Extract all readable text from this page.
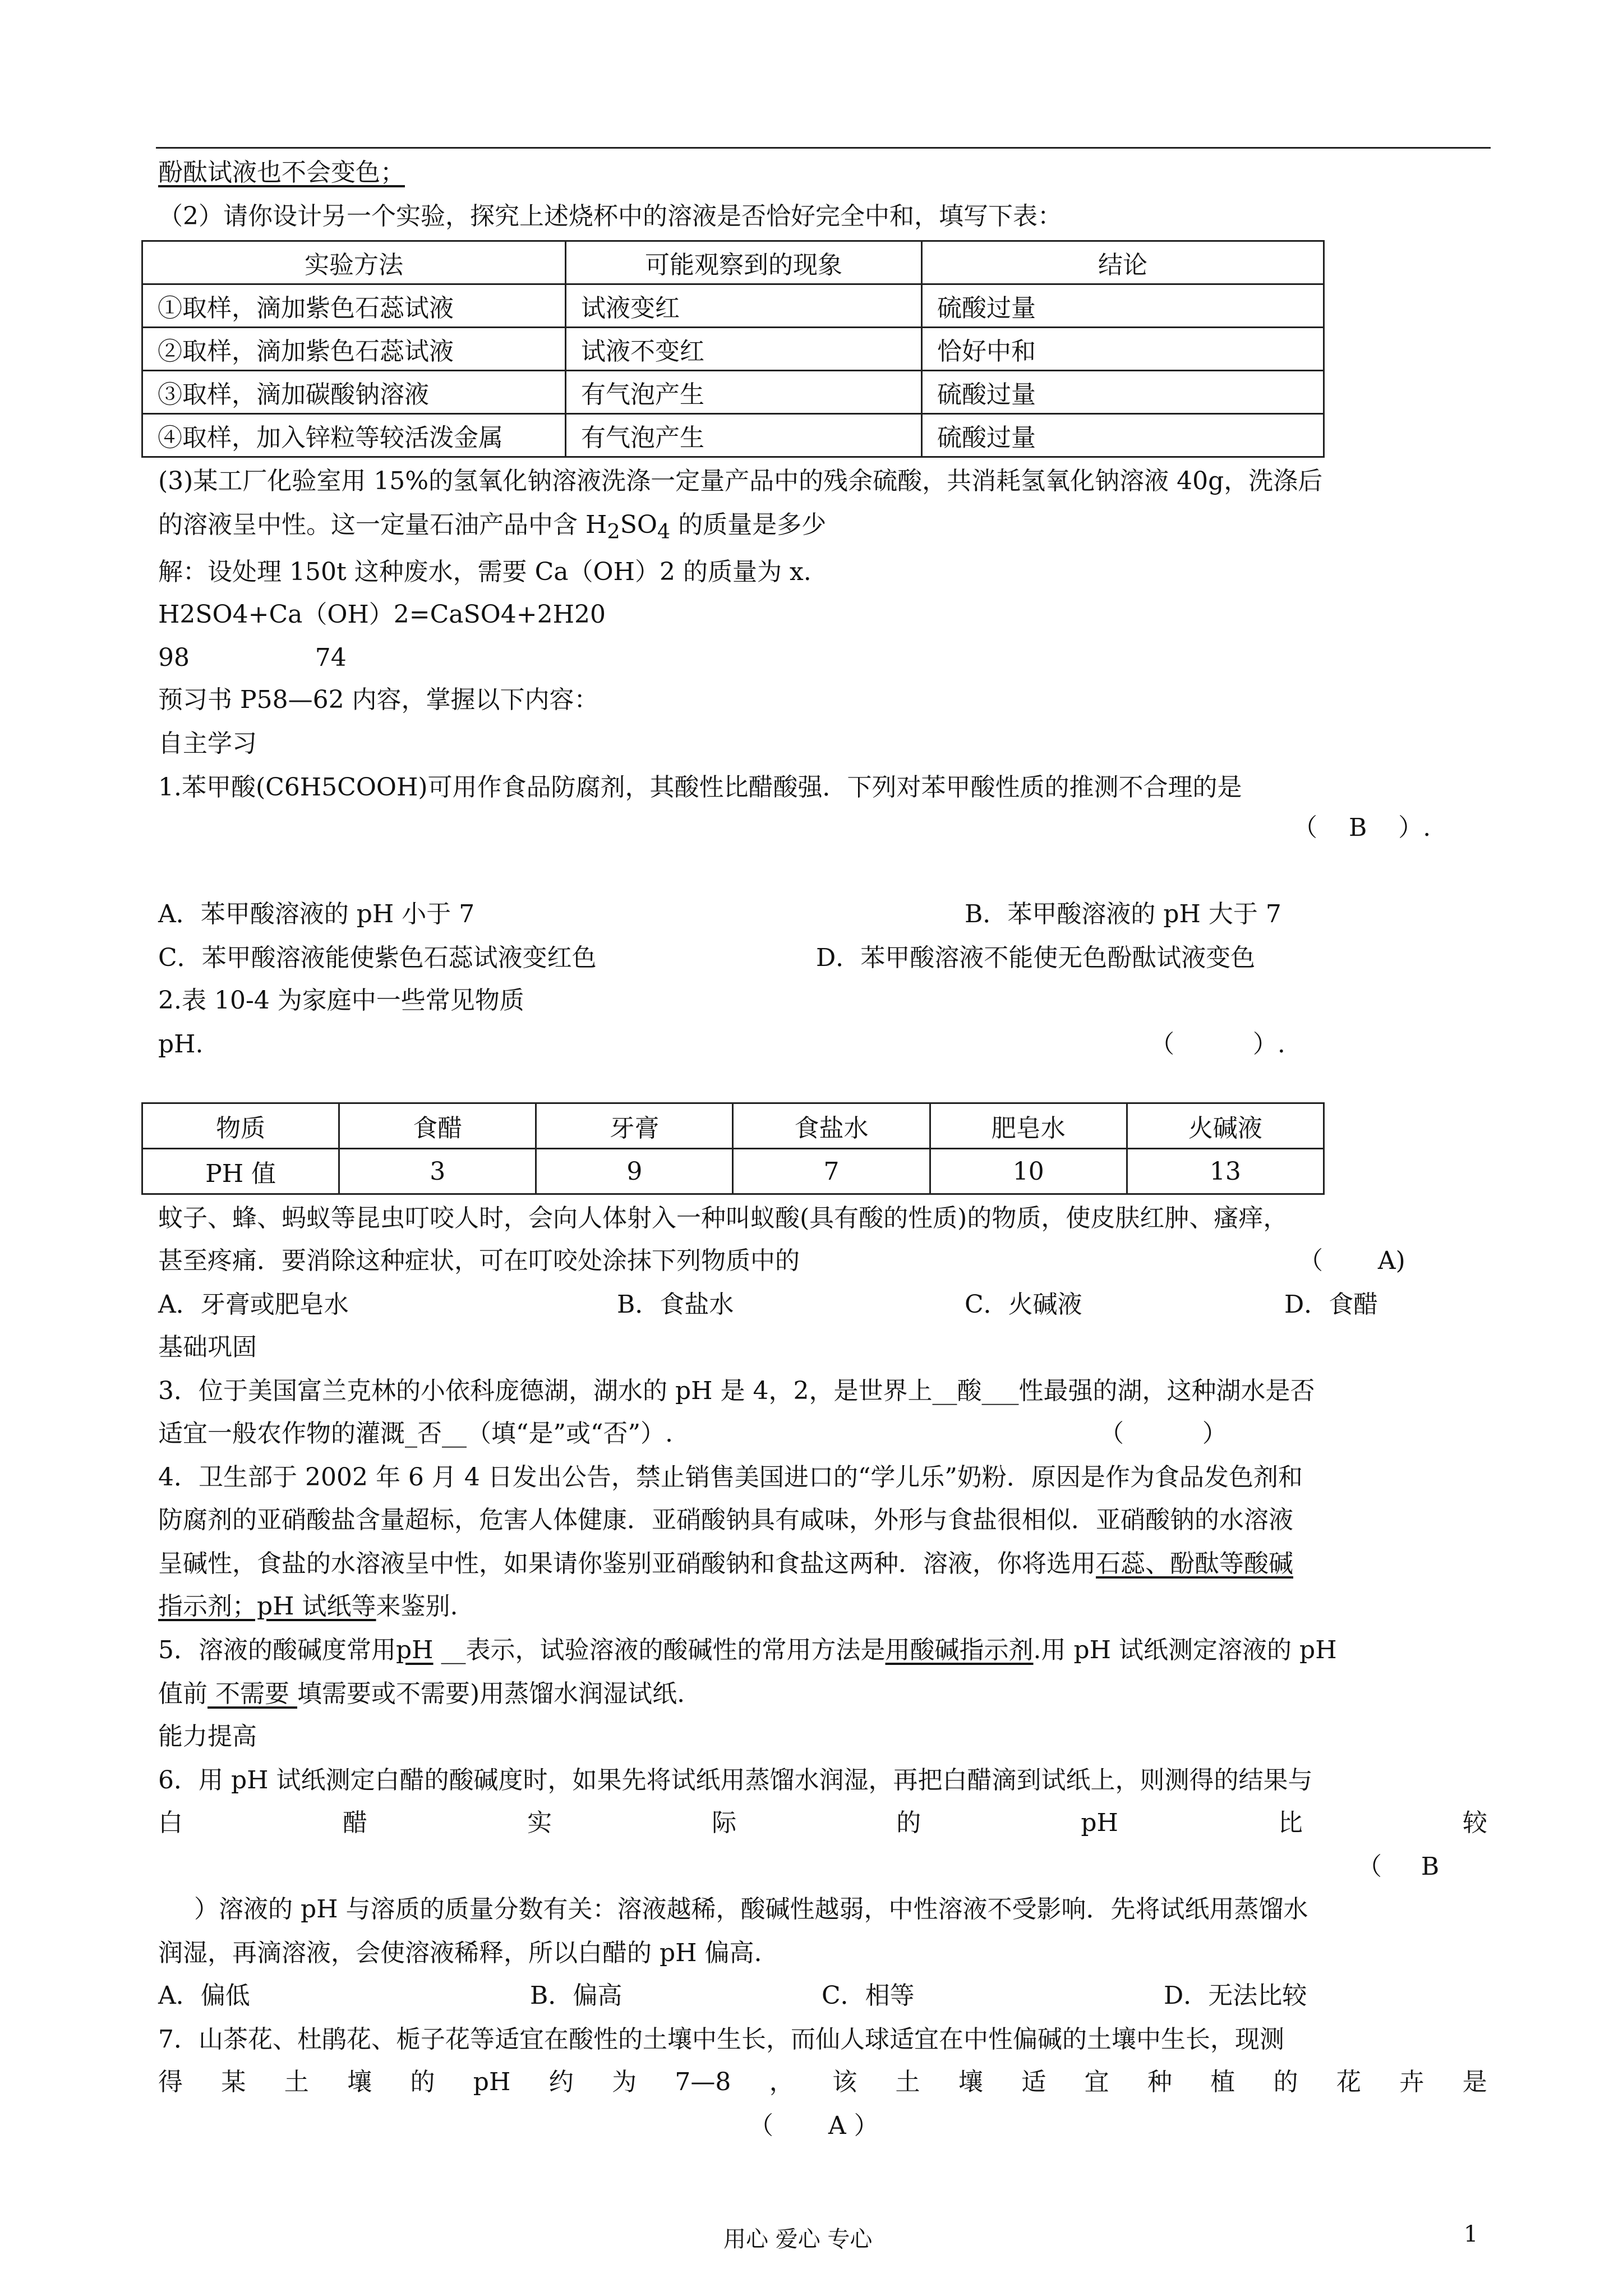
酚酞试液也不会变色；
（2）请你设计另一个实验，探究上述烧杯中的溶液是否恰好完全中和，填写下表：
实验方法	可能观察到的现象	结论
①取样，滴加紫色石蕊试液	试液变红	硫酸过量
②取样，滴加紫色石蕊试液	试液不变红	恰好中和
③取样，滴加碳酸钠溶液	有气泡产生	硫酸过量
④取样，加入锌粒等较活泼金属	有气泡产生	硫酸过量
(3)某工厂化验室用 15%的氢氧化钠溶液洗涤一定量产品中的残余硫酸，共消耗氢氧化钠溶液 40g，洗涤后
的溶液呈中性。这一定量石油产品中含 $H_2SO_4$ 的质量是多少
解：设处理 150t 这种废水，需要 Ca（OH）2 的质量为 x.
H2SO4+Ca（OH）2=CaSO4+2H20
98                74
预习书 P58—62 内容，掌握以下内容：
自主学习
1.苯甲酸(C6H5COOH)可用作食品防腐剂，其酸性比醋酸强．下列对苯甲酸性质的推测不合理的是
（    B    ）.
A．苯甲酸溶液的 pH 小于 7	B．苯甲酸溶液的 pH 大于 7
C．苯甲酸溶液能使紫色石蕊试液变红色	D．苯甲酸溶液不能使无色酚酞试液变色
2.表 10-4 为家庭中一些常见物质
pH.	（          ）.
物质	食醋	牙膏	食盐水	肥皂水	火碱液
PH 值	3	9	7	10	13
蚊子、蜂、蚂蚁等昆虫叮咬人时，会向人体射入一种叫蚁酸(具有酸的性质)的物质，使皮肤红肿、瘙痒，
甚至疼痛．要消除这种症状，可在叮咬处涂抹下列物质中的	（       A)
A．牙膏或肥皂水	B．食盐水	C．火碱液	D．食醋
基础巩固
3．位于美国富兰克林的小依科庞德湖，湖水的 pH 是 4，2，是世界上__酸___性最强的湖，这种湖水是否
适宜一般农作物的灌溉_否__（填“是”或“否”）.	（          ）
4．卫生部于 2002 年 6 月 4 日发出公告，禁止销售美国进口的“学儿乐”奶粉．原因是作为食品发色剂和
防腐剂的亚硝酸盐含量超标，危害人体健康．亚硝酸钠具有咸味，外形与食盐很相似．亚硝酸钠的水溶液
呈碱性，食盐的水溶液呈中性，如果请你鉴别亚硝酸钠和食盐这两种．溶液，你将选用石蕊、酚酞等酸碱
指示剂；pH 试纸等来鉴别.
5．溶液的酸碱度常用pH __表示，试验溶液的酸碱性的常用方法是用酸碱指示剂.用 pH 试纸测定溶液的 pH
值前 不需要 填需要或不需要)用蒸馏水润湿试纸.
能力提高
6．用 pH 试纸测定白醋的酸碱度时，如果先将试纸用蒸馏水润湿，再把白醋滴到试纸上，则测得的结果与
白	醋	实	际	的	pH	比	较
（     B
）溶液的 pH 与溶质的质量分数有关：溶液越稀，酸碱性越弱，中性溶液不受影响．先将试纸用蒸馏水
润湿，再滴溶液，会使溶液稀释，所以白醋的 pH 偏高.
A．偏低	B．偏高	C．相等	D．无法比较
7．山茶花、杜鹃花、栀子花等适宜在酸性的土壤中生长，而仙人球适宜在中性偏碱的土壤中生长，现测
得 某 土 壤 的 pH 约 为 7—8 ， 该 土 壤 适 宜 种 植 的 花 卉 是
（       A ）
用心 爱心 专心	1
